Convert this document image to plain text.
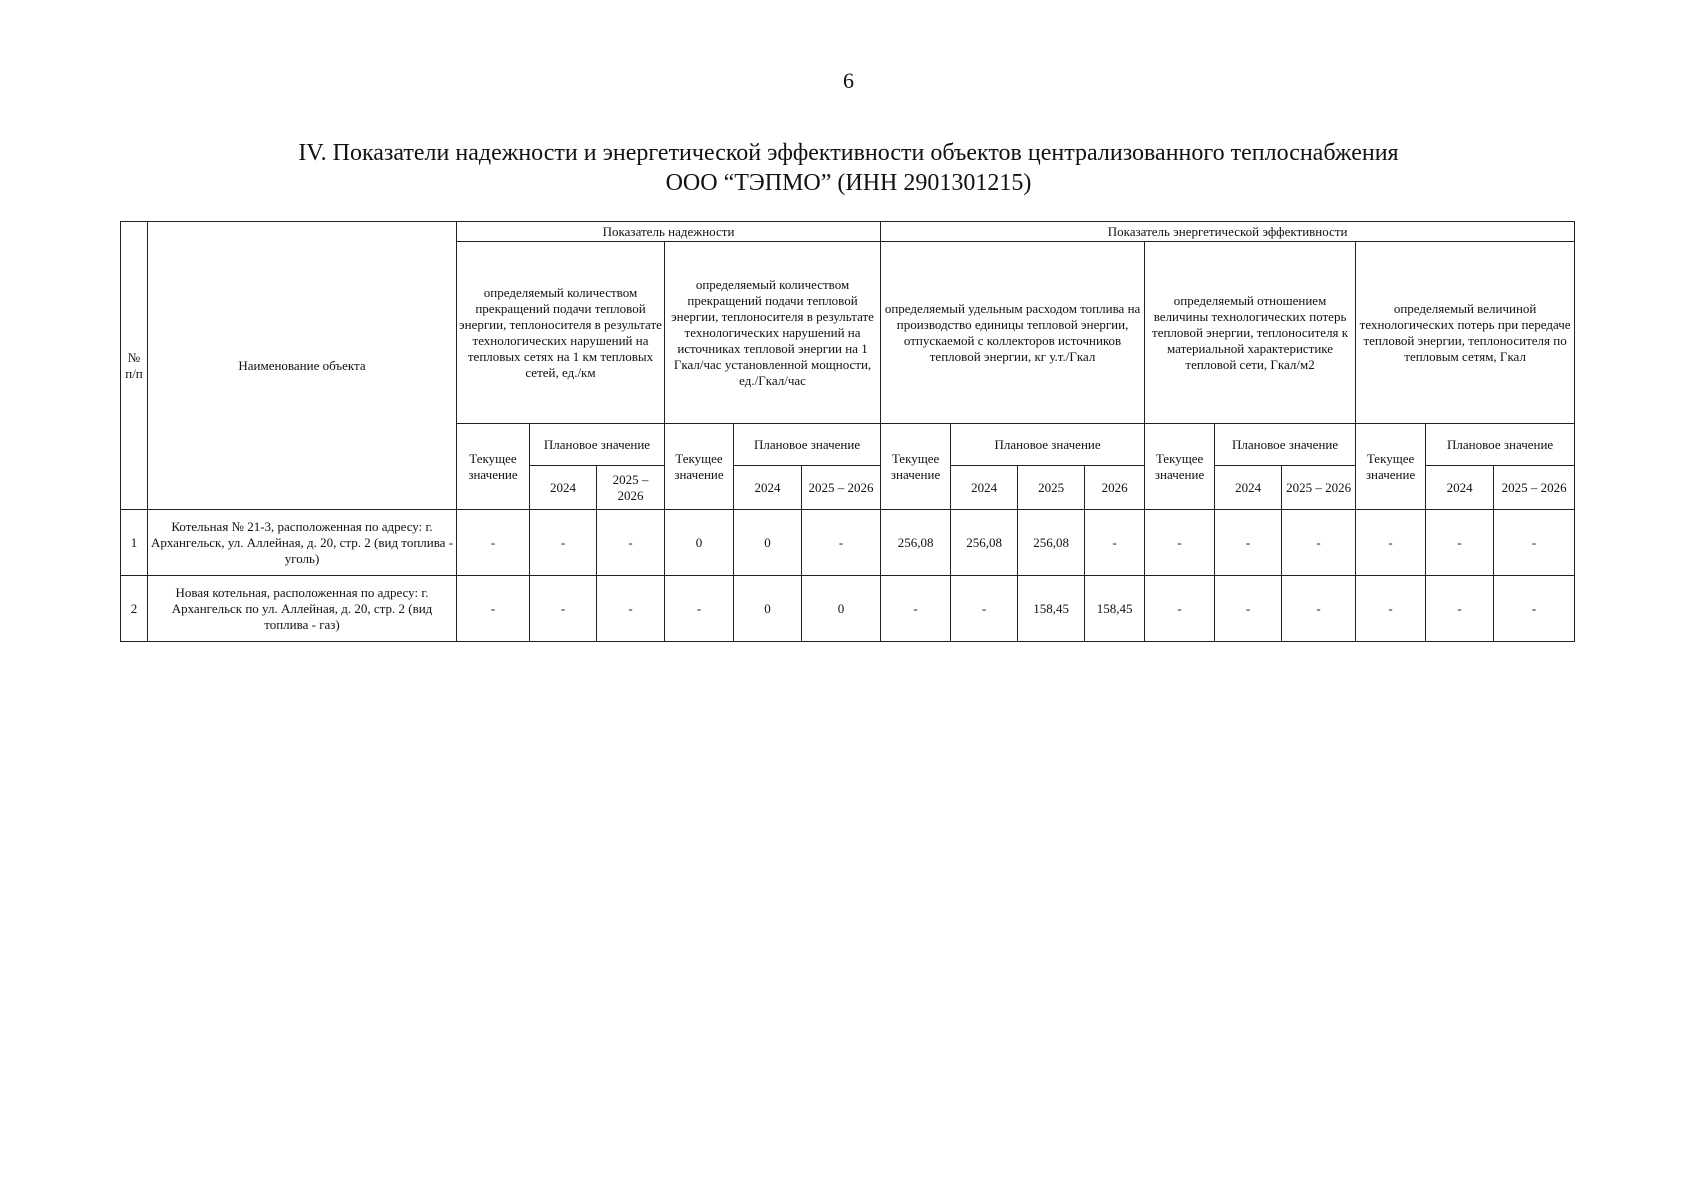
6
IV. Показатели надежности и энергетической эффективности объектов централизованного теплоснабжения
ООО “ТЭПМО” (ИНН 2901301215)
№ п/п	Наименование объекта	Показатель надежности						Показатель энергетической эффективности									
		определяемый количеством прекращений подачи тепловой энергии, теплоносителя в результате технологических нарушений на тепловых сетях на 1 км тепловых сетей, ед./км			определяемый количеством прекращений подачи тепловой энергии, теплоносителя в результате технологических нарушений на источниках тепловой энергии на 1 Гкал/час установленной мощности, ед./Гкал/час			определяемый удельным расходом топлива на производство единицы тепловой энергии, отпускаемой с коллекторов источников тепловой энергии, кг у.т./Гкал				определяемый отношением величины технологических потерь тепловой энергии, теплоносителя к материальной характеристике тепловой сети, Гкал/м2			определяемый величиной технологических потерь при передаче тепловой энергии, теплоносителя по тепловым сетям, Гкал		
		Текущее значение	Плановое значение		Текущее значение	Плановое значение		Текущее значение	Плановое значение			Текущее значение	Плановое значение		Текущее значение	Плановое значение	
			2024	2025 – 2026		2024	2025 – 2026		2024	2025	2026		2024	2025 – 2026		2024	2025 – 2026
1	Котельная № 21-3, расположенная по адресу: г. Архангельск, ул. Аллейная, д. 20, стр. 2 (вид топлива - уголь)	-	-	-	0	0	-	256,08	256,08	256,08	-	-	-	-	-	-	-
2	Новая котельная, расположенная по адресу: г. Архангельск по ул. Аллейная, д. 20, стр. 2 (вид топлива - газ)	-	-	-	-	0	0	-	-	158,45	158,45	-	-	-	-	-	-
